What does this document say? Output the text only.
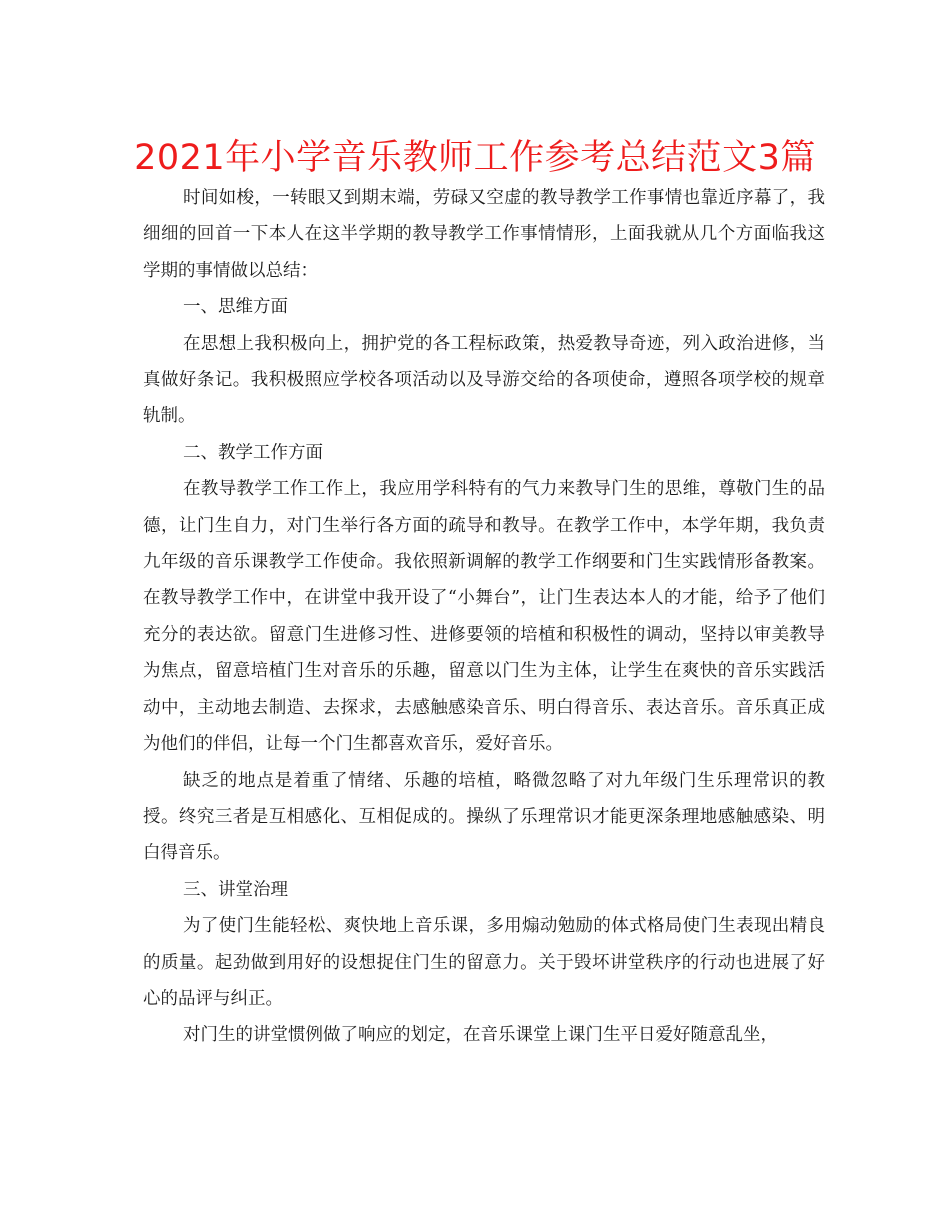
2021年小学音乐教师工作参考总结范文3篇

时间如梭，一转眼又到期末端，劳碌又空虚的教导教学工作事情也靠近序幕了，我细细的回首一下本人在这半学期的教导教学工作事情情形，上面我就从几个方面临我这学期的事情做以总结：

一、思维方面

在思想上我积极向上，拥护党的各工程标政策，热爱教导奇迹，列入政治进修，当真做好条记。我积极照应学校各项活动以及导游交给的各项使命，遵照各项学校的规章轨制。

二、教学工作方面

在教导教学工作工作上，我应用学科特有的气力来教导门生的思维，尊敬门生的品德，让门生自力，对门生举行各方面的疏导和教导。在教学工作中，本学年期，我负责九年级的音乐课教学工作使命。我依照新调解的教学工作纲要和门生实践情形备教案。在教导教学工作中，在讲堂中我开设了“小舞台”，让门生表达本人的才能，给予了他们充分的表达欲。留意门生进修习性、进修要领的培植和积极性的调动，坚持以审美教导为焦点，留意培植门生对音乐的乐趣，留意以门生为主体，让学生在爽快的音乐实践活动中，主动地去制造、去探求，去感触感染音乐、明白得音乐、表达音乐。音乐真正成为他们的伴侣，让每一个门生都喜欢音乐，爱好音乐。

缺乏的地点是着重了情绪、乐趣的培植，略微忽略了对九年级门生乐理常识的教授。终究三者是互相感化、互相促成的。操纵了乐理常识才能更深条理地感触感染、明白得音乐。

三、讲堂治理

为了使门生能轻松、爽快地上音乐课，多用煽动勉励的体式格局使门生表现出精良的质量。起劲做到用好的设想捉住门生的留意力。关于毁坏讲堂秩序的行动也进展了好心的品评与纠正。

对门生的讲堂惯例做了响应的划定，在音乐课堂上课门生平日爱好随意乱坐，
